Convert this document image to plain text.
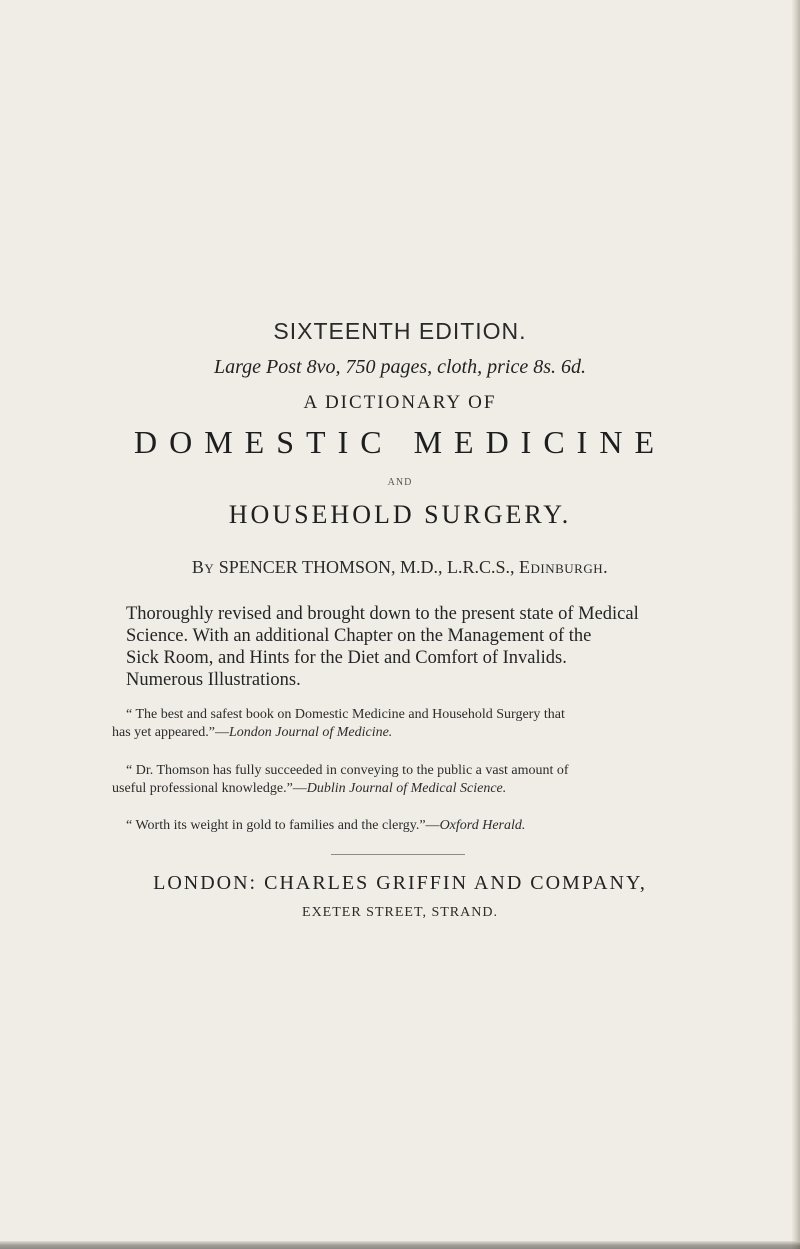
SIXTEENTH EDITION.
Large Post 8vo, 750 pages, cloth, price 8s. 6d.
A DICTIONARY OF
DOMESTIC MEDICINE
AND
HOUSEHOLD SURGERY.
By SPENCER THOMSON, M.D., L.R.C.S., Edinburgh.
Thoroughly revised and brought down to the present state of Medical
Science. With an additional Chapter on the Management of the
Sick Room, and Hints for the Diet and Comfort of Invalids.
Numerous Illustrations.
“ The best and safest book on Domestic Medicine and Household Surgery that
has yet appeared.”—London Journal of Medicine.
“ Dr. Thomson has fully succeeded in conveying to the public a vast amount of
useful professional knowledge.”—Dublin Journal of Medical Science.
“ Worth its weight in gold to families and the clergy.”—Oxford Herald.
LONDON: CHARLES GRIFFIN AND COMPANY,
EXETER STREET, STRAND.
